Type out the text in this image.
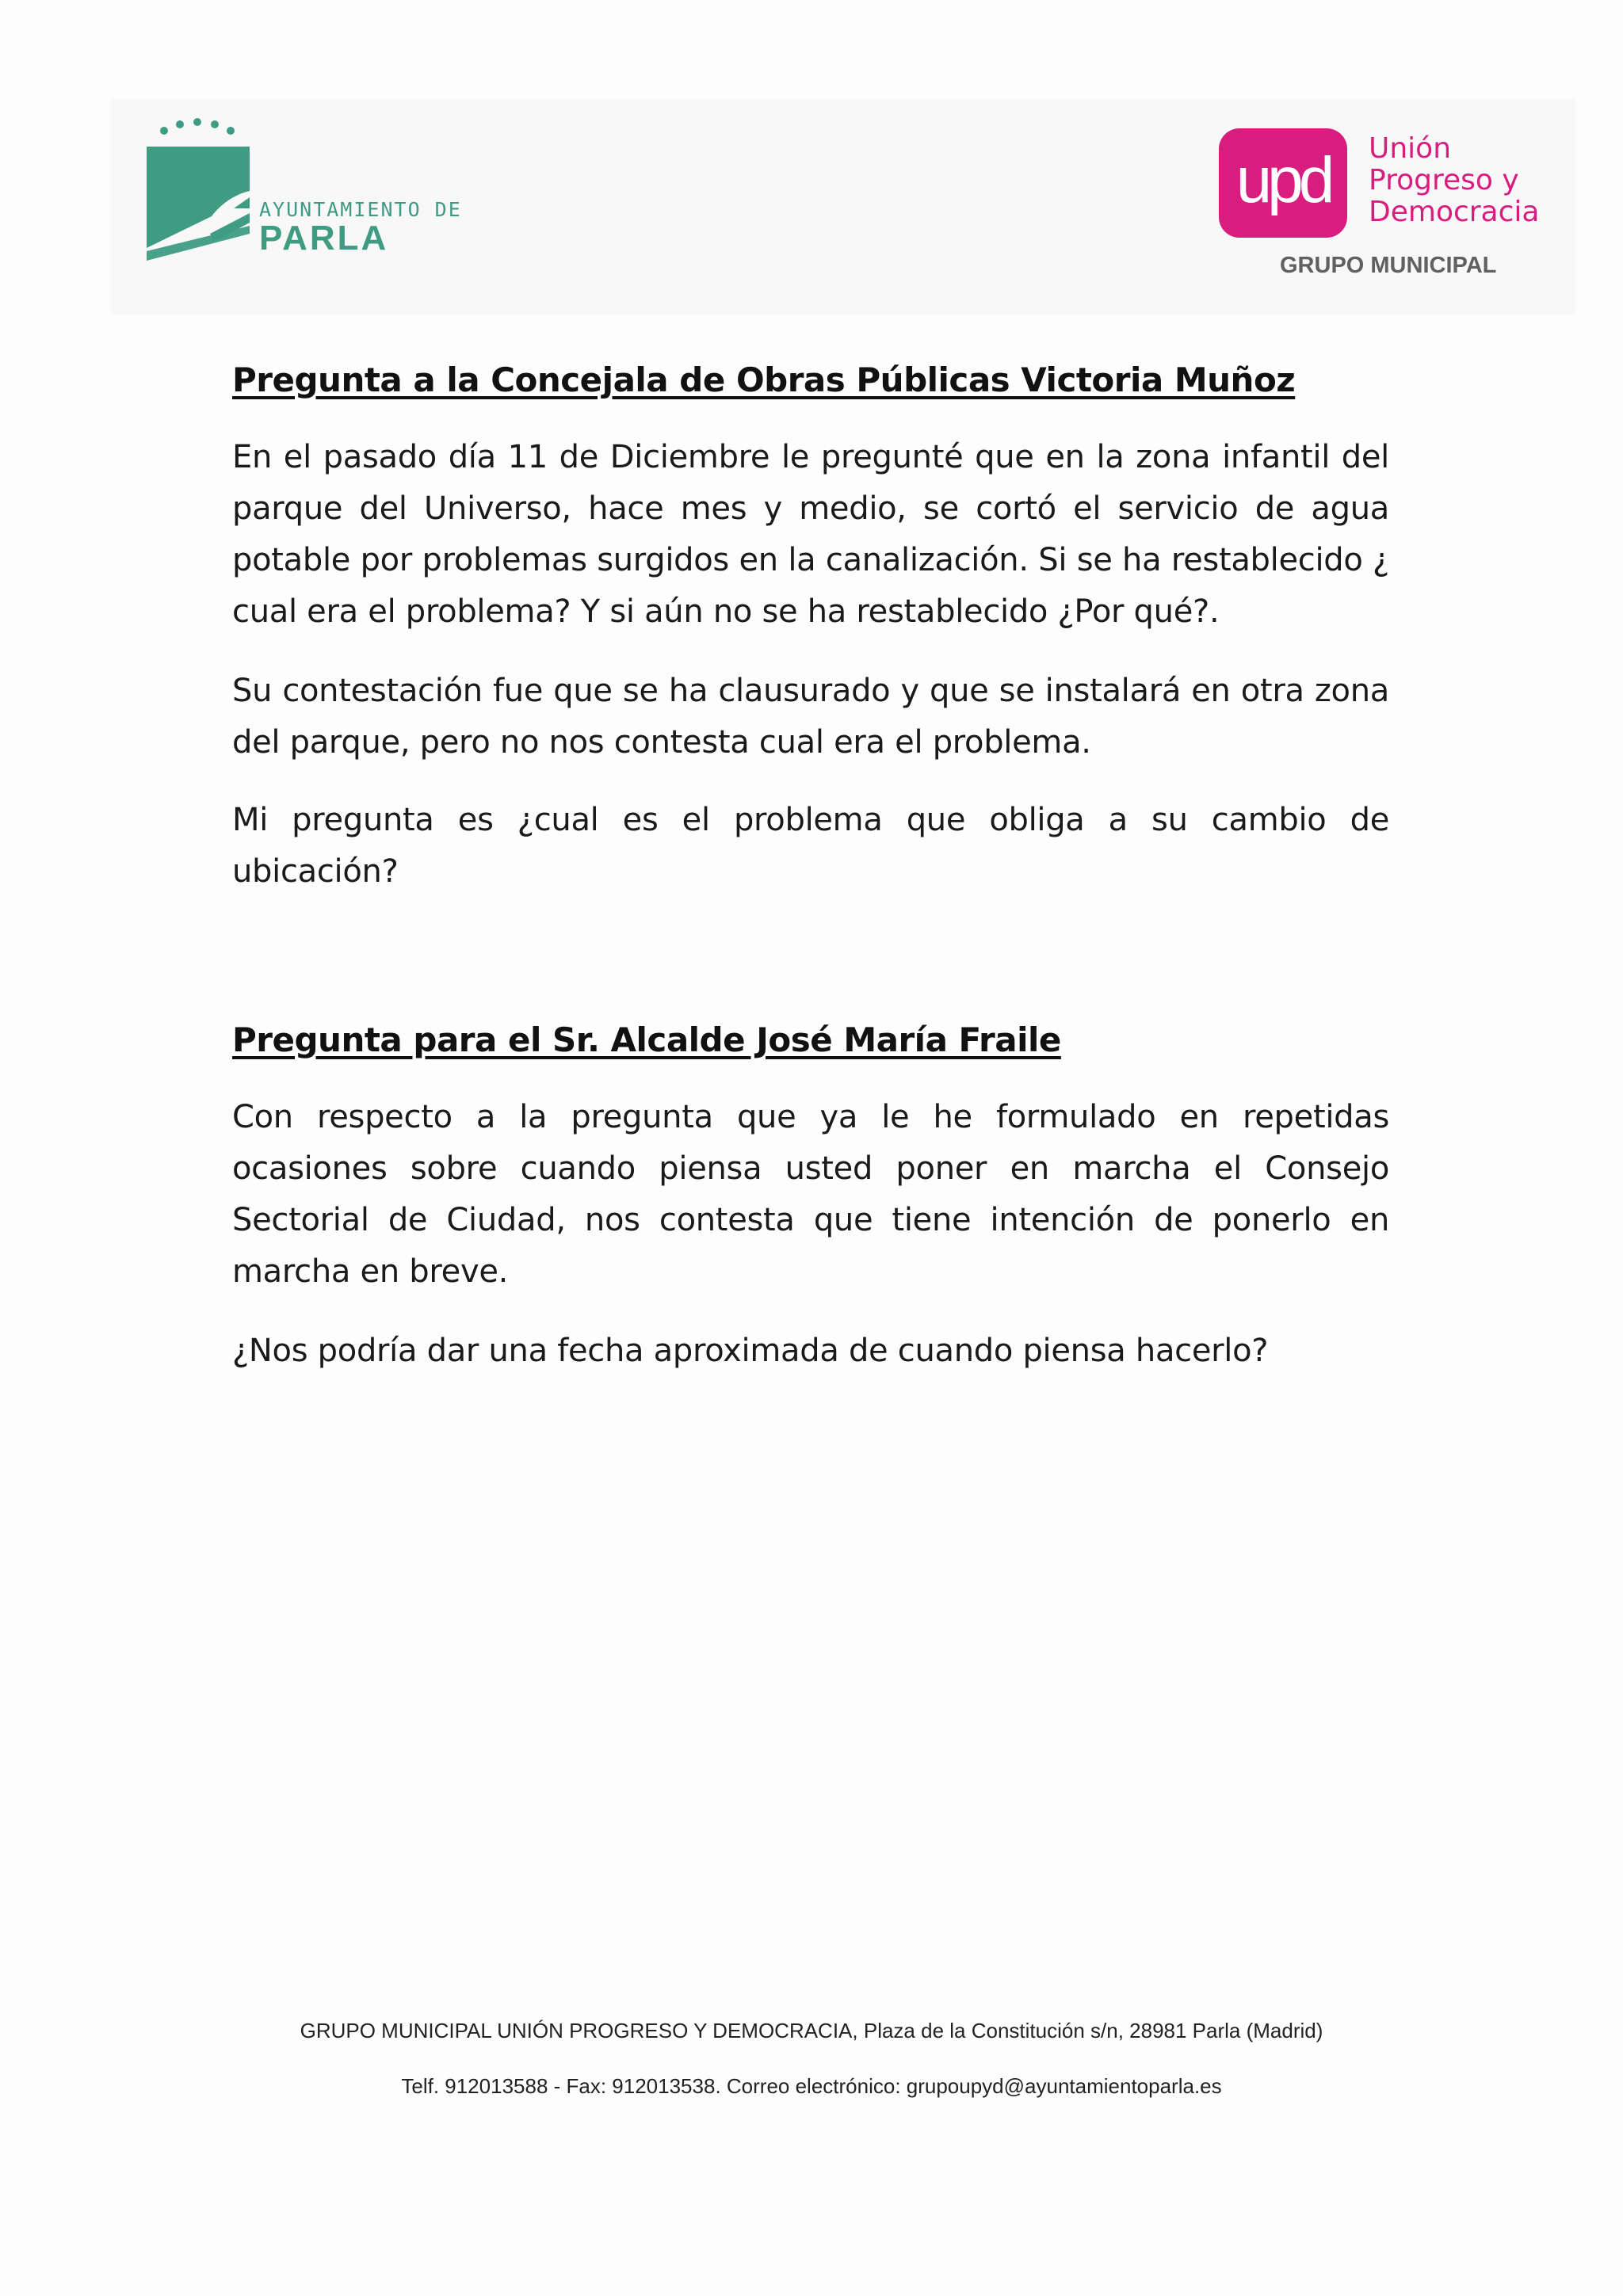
AYUNTAMIENTO DE
PARLA
upd Unión
Progreso y
Democracia
GRUPO MUNICIPAL
Pregunta a la Concejala de Obras Públicas Victoria Muñoz

En el pasado día 11 de Diciembre le pregunté que en la zona infantil del parque del Universo, hace mes y medio, se cortó el servicio de agua potable por problemas surgidos en la canalización. Si se ha restablecido ¿ cual era el problema? Y si aún no se ha restablecido ¿Por qué?.

Su contestación fue que se ha clausurado y que se instalará en otra zona del parque, pero no nos contesta cual era el problema.

Mi pregunta es ¿cual es el problema que obliga a su cambio de ubicación?

Pregunta para el Sr. Alcalde José María Fraile

Con respecto a la pregunta que ya le he formulado en repetidas ocasiones sobre cuando piensa usted poner en marcha el Consejo Sectorial de Ciudad, nos contesta que tiene intención de ponerlo en marcha en breve.

¿Nos podría dar una fecha aproximada de cuando piensa hacerlo?

GRUPO MUNICIPAL UNIÓN PROGRESO Y DEMOCRACIA, Plaza de la Constitución s/n, 28981 Parla (Madrid)
Telf. 912013588 - Fax: 912013538. Correo electrónico: grupoupyd@ayuntamientoparla.es
